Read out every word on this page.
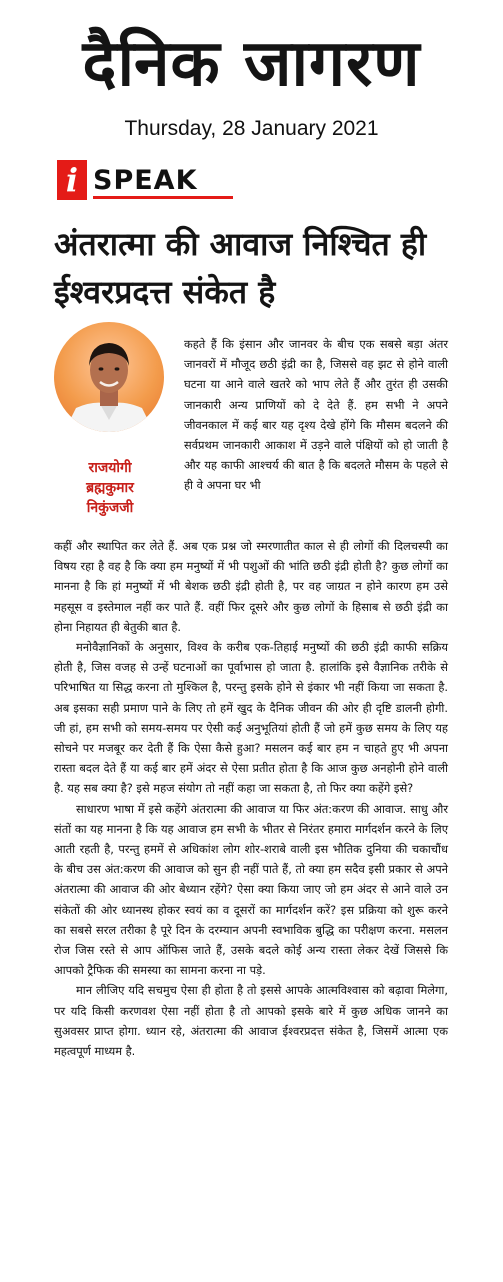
दैनिक जागरण
Thursday, 28 January 2021
i SPEAK
अंतरात्मा की आवाज निश्चित ही ईश्वरप्रदत्त संकेत है
राजयोगी
ब्रह्मकुमार
निकुंजजी

कहते हैं कि इंसान और जानवर के बीच एक सबसे बड़ा अंतर जानवरों में मौजूद छठी इंद्री का है, जिससे वह झट से होने वाली घटना या आने वाले खतरे को भाप लेते हैं और तुरंत ही उसकी जानकारी अन्य प्राणियों को दे देते हैं. हम सभी ने अपने जीवनकाल में कई बार यह दृश्य देखे होंगे कि मौसम बदलने की सर्वप्रथम जानकारी आकाश में उड़ने वाले पंक्षियों को हो जाती है और यह काफी आश्चर्य की बात है कि बदलते मौसम के पहले से ही वे अपना घर भी

कहीं और स्थापित कर लेते हैं. अब एक प्रश्न जो स्मरणातीत काल से ही लोगों की दिलचस्पी का विषय रहा है वह है कि क्या हम मनुष्यों में भी पशुओं की भांति छठी इंद्री होती है? कुछ लोगों का मानना है कि हां मनुष्यों में भी बेशक छठी इंद्री होती है, पर वह जाग्रत न होने कारण हम उसे महसूस व इस्तेमाल नहीं कर पाते हैं. वहीं फिर दूसरे और कुछ लोगों के हिसाब से छठी इंद्री का होना निहायत ही बेतुकी बात है.

मनोवैज्ञानिकों के अनुसार, विश्व के करीब एक-तिहाई मनुष्यों की छठी इंद्री काफी सक्रिय होती है, जिस वजह से उन्हें घटनाओं का पूर्वाभास हो जाता है. हालांकि इसे वैज्ञानिक तरीके से परिभाषित या सिद्ध करना तो मुश्किल है, परन्तु इसके होने से इंकार भी नहीं किया जा सकता है. अब इसका सही प्रमाण पाने के लिए तो हमें खुद के दैनिक जीवन की ओर ही दृष्टि डालनी होगी. जी हां, हम सभी को समय-समय पर ऐसी कई अनुभूतियां होती हैं जो हमें कुछ समय के लिए यह सोचने पर मजबूर कर देती हैं कि ऐसा कैसे हुआ? मसलन कई बार हम न चाहते हुए भी अपना रास्ता बदल देते हैं या कई बार हमें अंदर से ऐसा प्रतीत होता है कि आज कुछ अनहोनी होने वाली है. यह सब क्या है? इसे महज संयोग तो नहीं कहा जा सकता है, तो फिर क्या कहेंगे इसे?

साधारण भाषा में इसे कहेंगे अंतरात्मा की आवाज या फिर अंत:करण की आवाज. साधु और संतों का यह मानना है कि यह आवाज हम सभी के भीतर से निरंतर हमारा मार्गदर्शन करने के लिए आती रहती है, परन्तु हममें से अधिकांश लोग शोर-शराबे वाली इस भौतिक दुनिया की चकाचौंध के बीच उस अंत:करण की आवाज को सुन ही नहीं पाते हैं, तो क्या हम सदैव इसी प्रकार से अपने अंतरात्मा की आवाज की ओर बेध्यान रहेंगे? ऐसा क्या किया जाए जो हम अंदर से आने वाले उन संकेतों की ओर ध्यानस्थ होकर स्वयं का व दूसरों का मार्गदर्शन करें? इस प्रक्रिया को शुरू करने का सबसे सरल तरीका है पूरे दिन के दरम्यान अपनी स्वभाविक बुद्धि का परीक्षण करना. मसलन रोज जिस रस्ते से आप ऑफिस जाते हैं, उसके बदले कोई अन्य रास्ता लेकर देखें जिससे कि आपको ट्रैफिक की समस्या का सामना करना ना पड़े.

मान लीजिए यदि सचमुच ऐसा ही होता है तो इससे आपके आत्मविश्वास को बढ़ावा मिलेगा, पर यदि किसी करणवश ऐसा नहीं होता है तो आपको इसके बारे में कुछ अधिक जानने का सुअवसर प्राप्त होगा. ध्यान रहे, अंतरात्मा की आवाज ईश्वरप्रदत्त संकेत है, जिसमें आत्मा एक महत्वपूर्ण माध्यम है.
